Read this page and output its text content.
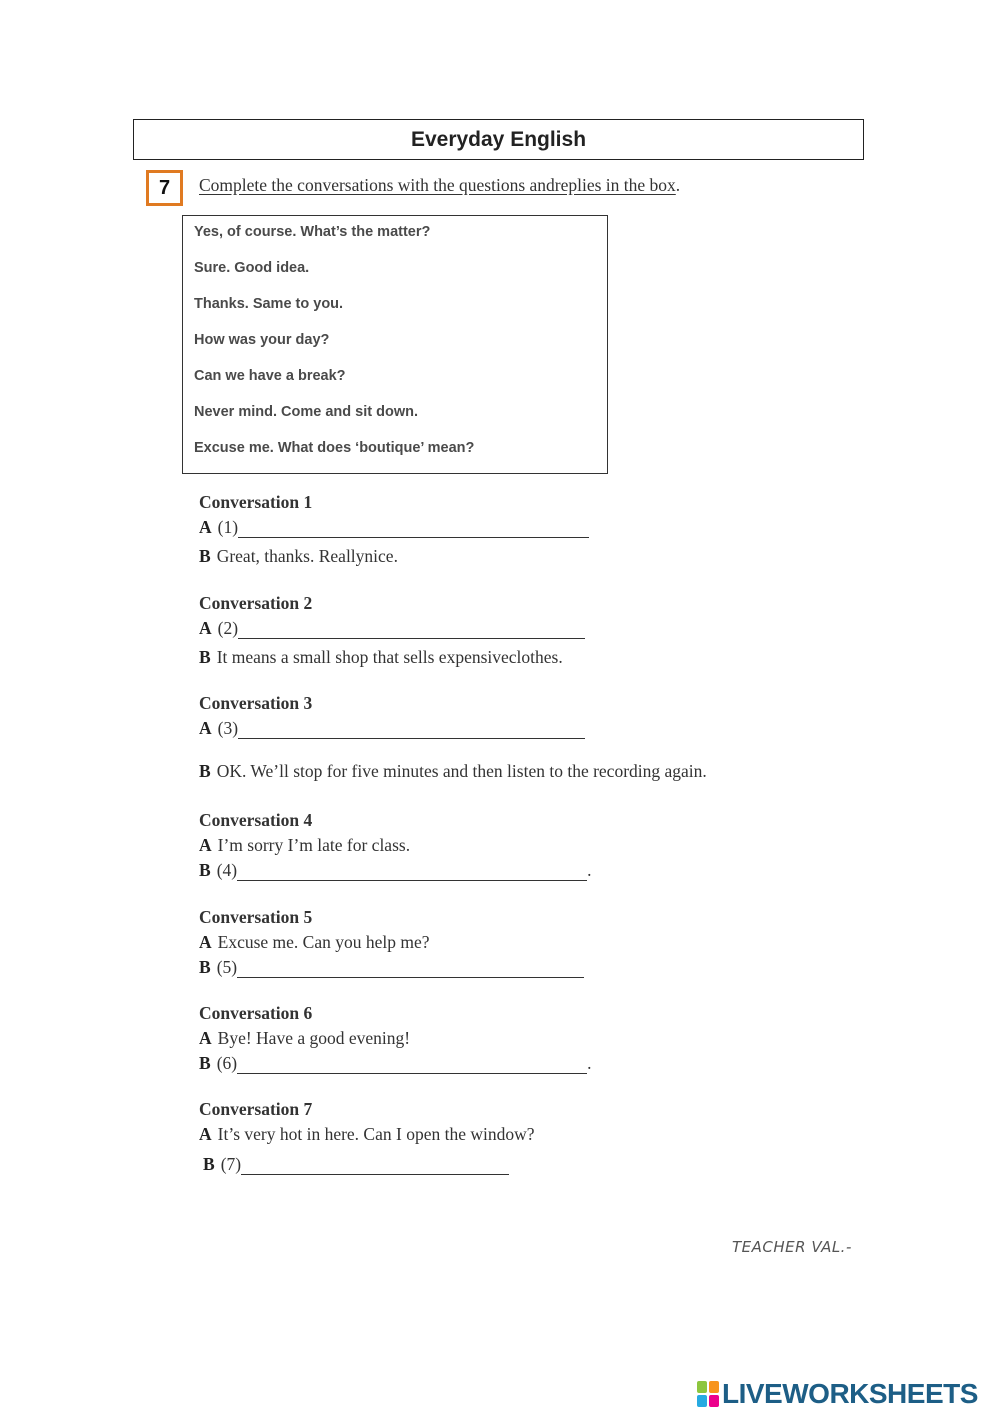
Everyday English
7	Complete the conversations with the questions andreplies in the box.
Yes, of course. What’s the matter?
Sure. Good idea.
Thanks. Same to you.
How was your day?
Can we have a break?
Never mind. Come and sit down.
Excuse me. What does ‘boutique’ mean?
Conversation 1
A (1)
B Great, thanks. Reallynice.
Conversation 2
A (2)
B It means a small shop that sells expensiveclothes.
Conversation 3
A (3)
B OK. We’ll stop for five minutes and then listen to the recording again.
Conversation 4
A I’m sorry I’m late for class.
B (4)	.
Conversation 5
A Excuse me. Can you help me?
B (5)
Conversation 6
A Bye! Have a good evening!
B (6)	.
Conversation 7
A It’s very hot in here. Can I open the window?
B (7)
TEACHER VAL.-
LIVEWORKSHEETS
